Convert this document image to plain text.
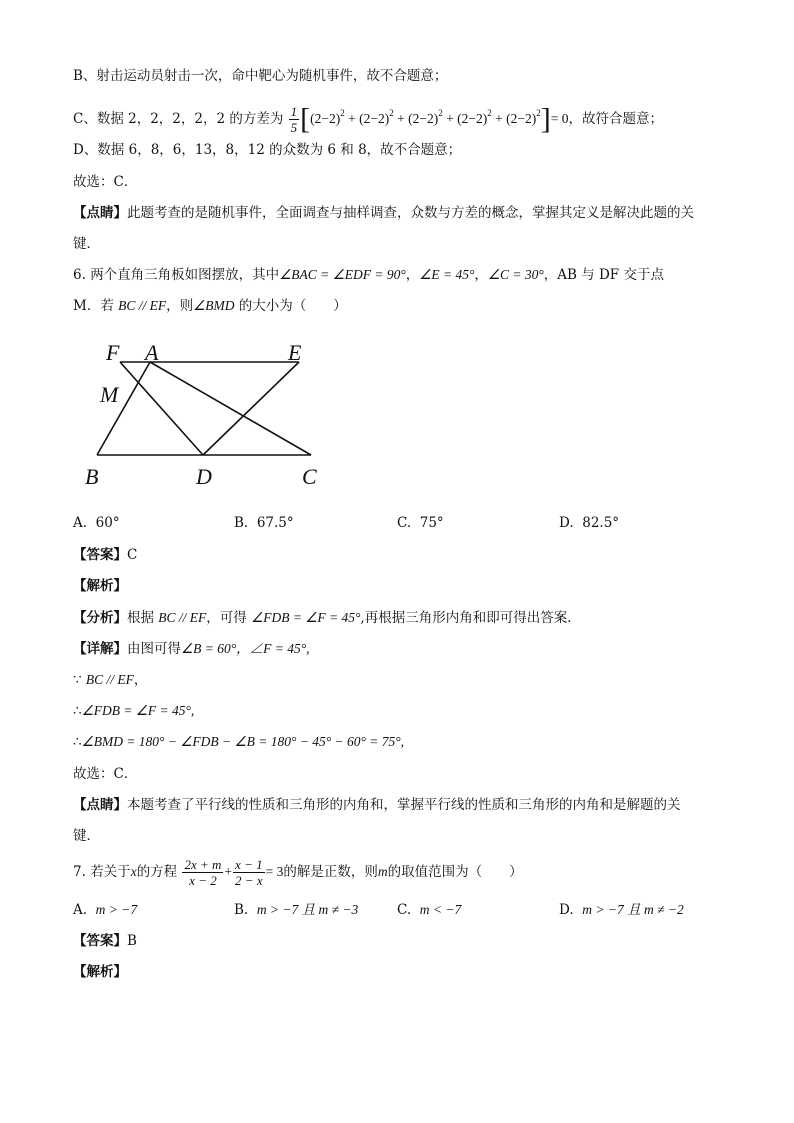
B、射击运动员射击一次，命中靶心为随机事件，故不合题意；
C、数据 2，2，2，2，2 的方差为 $\frac{1}{5} [(2-2)^2 + (2-2)^2 + (2-2)^2 + (2-2)^2 + (2-2)^2]= 0$，故符合题意；
D、数据 6，8，6，13，8，12 的众数为 6 和 8，故不合题意；
故选：C．
【点睛】此题考查的是随机事件，全面调查与抽样调查，众数与方差的概念，掌握其定义是解决此题的关
键．
6. 两个直角三角板如图摆放，其中∠BAC = ∠EDF = 90°，∠E = 45°，∠C = 30°，AB 与 DF 交于点
M．若 BC // EF，则∠BMD 的大小为（　　）
F A	E
M
B	D	C
A. 60°	B. 67.5°	C. 75°	D. 82.5°
【答案】C
【解析】
【分析】根据 BC // EF，可得 ∠FDB = ∠F = 45°,再根据三角形内角和即可得出答案．
【详解】由图可得∠B = 60°，∠F = 45°,
∵ BC // EF，
∴∠FDB = ∠F = 45°,
∴∠BMD = 180° − ∠FDB − ∠B = 180° − 45° − 60° = 75°,
故选：C．
【点睛】本题考查了平行线的性质和三角形的内角和，掌握平行线的性质和三角形的内角和是解题的关
键．
7. 若关于x的方程 $\frac{2x + m}{x - 2} + \frac{x - 1}{2 - x} = 3$的解是正数，则m的取值范围为（　　）
A. m > −7	B. m > −7 且 m ≠ −3	C. m < −7	D. m > −7 且 m ≠ −2
【答案】B
【解析】
